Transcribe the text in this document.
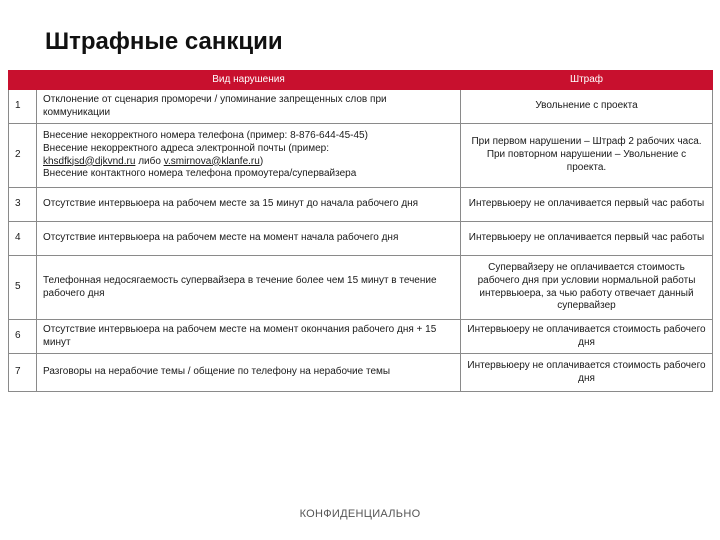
Штрафные санкции
	Вид нарушения	Штраф
1	Отклонение от сценария проморечи / упоминание запрещенных слов при коммуникации	Увольнение с проекта
2	Внесение некорректного номера телефона (пример: 8-876-644-45-45)
Внесение некорректного адреса электронной почты (пример:
khsdfkjsd@djkvnd.ru либо v.smirnova@klanfe.ru)
Внесение контактного номера телефона промоутера/супервайзера	При первом нарушении – Штраф 2 рабочих часа. При повторном нарушении – Увольнение с проекта.
3	Отсутствие интервьюера на рабочем месте за 15 минут до начала рабочего дня	Интервьюеру не оплачивается первый час работы
4	Отсутствие интервьюера на рабочем месте на момент начала рабочего дня	Интервьюеру не оплачивается первый час работы
5	Телефонная недосягаемость супервайзера в течение более чем 15 минут в течение рабочего дня	Супервайзеру не оплачивается стоимость рабочего дня при условии нормальной работы интервьюера, за чью работу отвечает данный супервайзер
6	Отсутствие интервьюера на рабочем месте на момент окончания рабочего дня + 15 минут	Интервьюеру не оплачивается стоимость рабочего дня
7	Разговоры на нерабочие темы / общение по телефону на нерабочие темы	Интервьюеру не оплачивается стоимость рабочего дня
КОНФИДЕНЦИАЛЬНО
